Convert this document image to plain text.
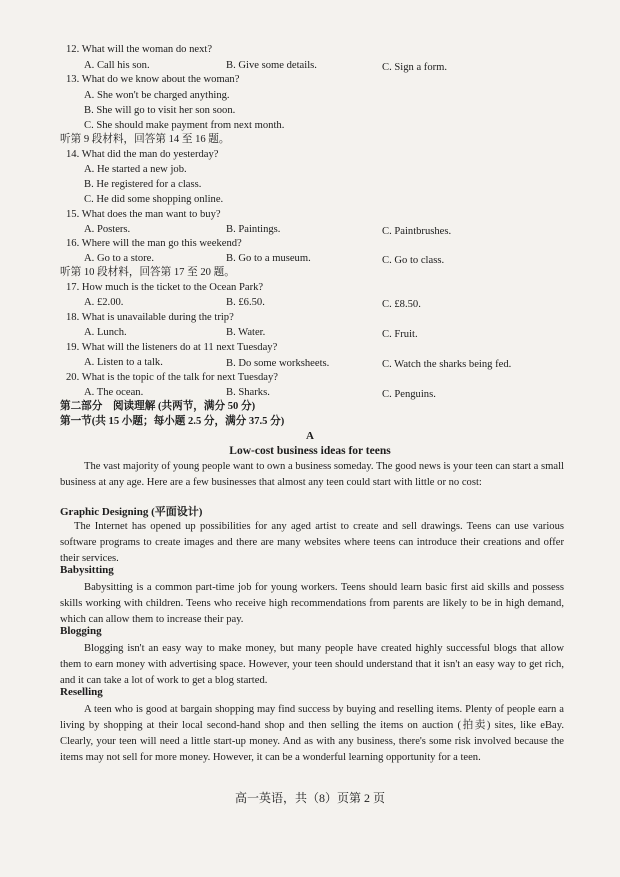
12. What will the woman do next?
A. Call his son.	B. Give some details.	C. Sign a form.
13. What do we know about the woman?
A. She won't be charged anything.
B. She will go to visit her son soon.
C. She should make payment from next month.
听第 9 段材料，回答第 14 至 16 题。
14. What did the man do yesterday?
A. He started a new job.
B. He registered for a class.
C. He did some shopping online.
15. What does the man want to buy?
A. Posters.	B. Paintings.	C. Paintbrushes.
16. Where will the man go this weekend?
A. Go to a store.	B. Go to a museum.	C. Go to class.
听第 10 段材料，回答第 17 至 20 题。
17. How much is the ticket to the Ocean Park?
A. £2.00.	B. £6.50.	C. £8.50.
18. What is unavailable during the trip?
A. Lunch.	B. Water.	C. Fruit.
19. What will the listeners do at 11 next Tuesday?
A. Listen to a talk.	B. Do some worksheets.	C. Watch the sharks being fed.
20. What is the topic of the talk for next Tuesday?
A. The ocean.	B. Sharks.	C. Penguins.
第二部分　阅读理解 (共两节，满分 50 分)
第一节(共 15 小题；每小题 2.5 分，满分 37.5 分)
A
Low-cost business ideas for teens
The vast majority of young people want to own a business someday. The good news is your teen can start a small business at any age. Here are a few businesses that almost any teen could start with little or no cost:
Graphic Designing (平面设计)
The Internet has opened up possibilities for any aged artist to create and sell drawings. Teens can use various software programs to create images and there are many websites where teens can introduce their creations and offer their services.
Babysitting
Babysitting is a common part-time job for young workers. Teens should learn basic first aid skills and possess skills working with children. Teens who receive high recommendations from parents are likely to be in high demand, which can allow them to increase their pay.
Blogging
Blogging isn't an easy way to make money, but many people have created highly successful blogs that allow them to earn money with advertising space. However, your teen should understand that it isn't an easy way to get rich, and it can take a lot of work to get a blog started.
Reselling
A teen who is good at bargain shopping may find success by buying and reselling items. Plenty of people earn a living by shopping at their local second-hand shop and then selling the items on auction (拍卖) sites, like eBay. Clearly, your teen will need a little start-up money. And as with any business, there's some risk involved because the items may not sell for more money. However, it can be a wonderful learning opportunity for a teen.
高一英语，共（8）页第 2 页
